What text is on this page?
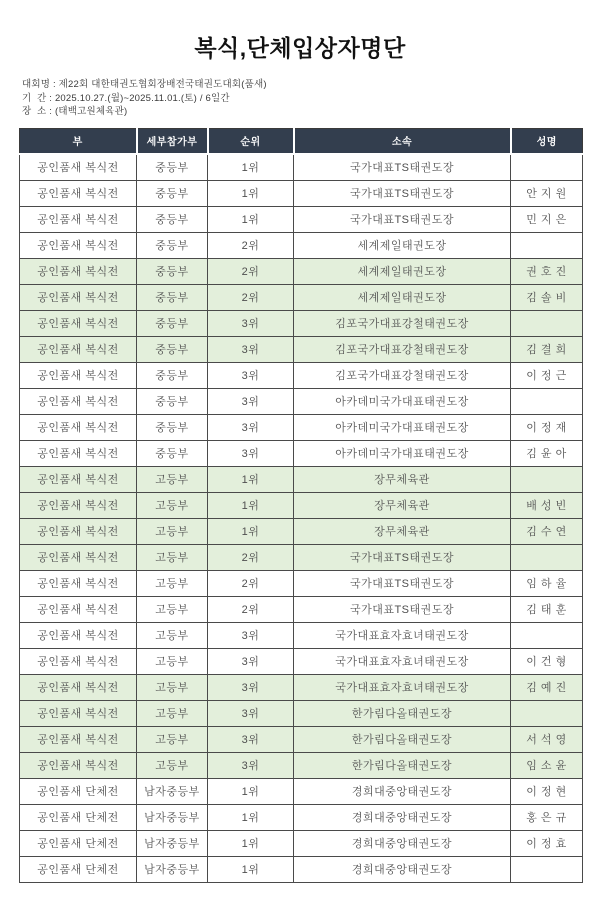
복식,단체입상자명단
대회명 : 제22회 대한태권도협회장배전국태권도대회(품새)
기  간 : 2025.10.27.(월)~2025.11.01.(토) / 6일간
장  소 : (태백고원체육관)
부	세부참가부	순위	소속	성명
공인품새 복식전	중등부	1위	국가대표TS태권도장	
공인품새 복식전	중등부	1위	국가대표TS태권도장	안 지 원
공인품새 복식전	중등부	1위	국가대표TS태권도장	민 지 은
공인품새 복식전	중등부	2위	세계제일태권도장	
공인품새 복식전	중등부	2위	세계제일태권도장	권 호 진
공인품새 복식전	중등부	2위	세계제일태권도장	김 솔 비
공인품새 복식전	중등부	3위	김포국가대표강철태권도장	
공인품새 복식전	중등부	3위	김포국가대표강철태권도장	김 결 희
공인품새 복식전	중등부	3위	김포국가대표강철태권도장	이 정 근
공인품새 복식전	중등부	3위	아카데미국가대표태권도장	
공인품새 복식전	중등부	3위	아카데미국가대표태권도장	이 정 재
공인품새 복식전	중등부	3위	아카데미국가대표태권도장	김 윤 아
공인품새 복식전	고등부	1위	장무체육관	
공인품새 복식전	고등부	1위	장무체육관	배 성 빈
공인품새 복식전	고등부	1위	장무체육관	김 수 연
공인품새 복식전	고등부	2위	국가대표TS태권도장	
공인품새 복식전	고등부	2위	국가대표TS태권도장	임 하 율
공인품새 복식전	고등부	2위	국가대표TS태권도장	김 태 훈
공인품새 복식전	고등부	3위	국가대표효자효녀태권도장	
공인품새 복식전	고등부	3위	국가대표효자효녀태권도장	이 건 형
공인품새 복식전	고등부	3위	국가대표효자효녀태권도장	김 예 진
공인품새 복식전	고등부	3위	한가림다올태권도장	
공인품새 복식전	고등부	3위	한가림다올태권도장	서 석 영
공인품새 복식전	고등부	3위	한가림다올태권도장	임 소 윤
공인품새 단체전	남자중등부	1위	경희대중앙태권도장	이 정 현
공인품새 단체전	남자중등부	1위	경희대중앙태권도장	홍 은 규
공인품새 단체전	남자중등부	1위	경희대중앙태권도장	이 정 효
공인품새 단체전	남자중등부	1위	경희대중앙태권도장	
